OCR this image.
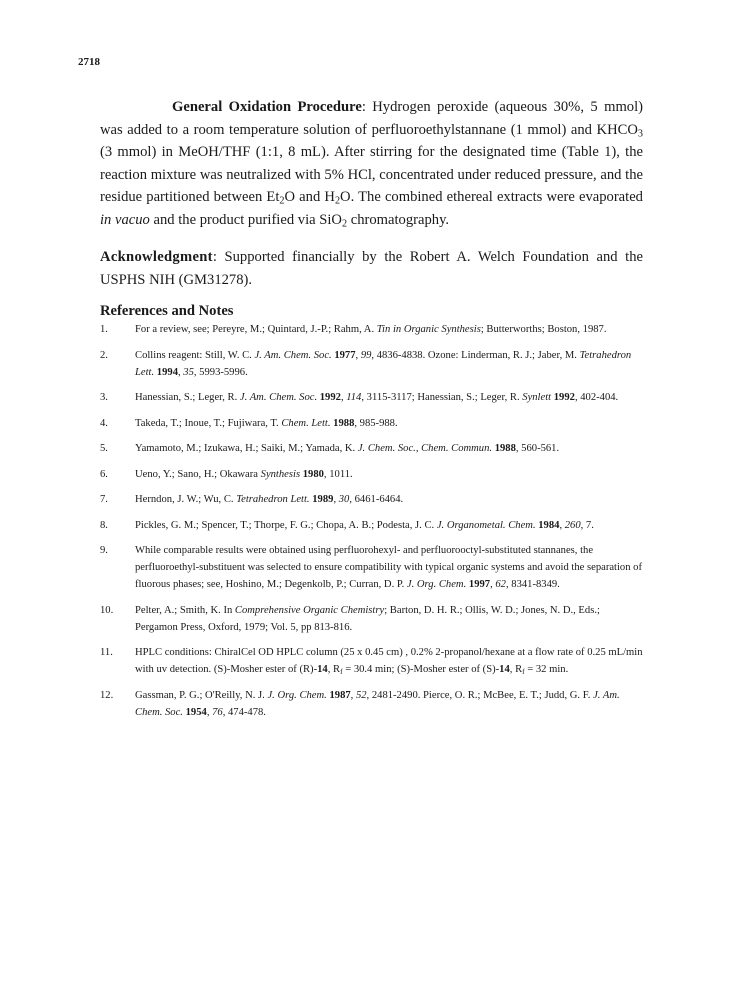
2718

General Oxidation Procedure: Hydrogen peroxide (aqueous 30%, 5 mmol) was added to a room temperature solution of perfluoroethylstannane (1 mmol) and $KHCO_3$ (3 mmol) in MeOH/THF (1:1, 8 mL). After stirring for the designated time (Table 1), the reaction mixture was neutralized with 5% HCl, concentrated under reduced pressure, and the residue partitioned between $Et_2O$ and $H_2O$. The combined ethereal extracts were evaporated in vacuo and the product purified via SiO$_2$ chromatography.

Acknowledgment: Supported financially by the Robert A. Welch Foundation and the USPHS NIH (GM31278).

References and Notes
1.	For a review, see; Pereyre, M.; Quintard, J.-P.; Rahm, A. Tin in Organic Synthesis; Butterworths; Boston, 1987.
2.	Collins reagent: Still, W. C. J. Am. Chem. Soc. 1977, 99, 4836-4838. Ozone: Linderman, R. J.; Jaber, M. Tetrahedron Lett. 1994, 35, 5993-5996.
3.	Hanessian, S.; Leger, R. J. Am. Chem. Soc. 1992, 114, 3115-3117; Hanessian, S.; Leger, R. Synlett 1992, 402-404.
4.	Takeda, T.; Inoue, T.; Fujiwara, T. Chem. Lett. 1988, 985-988.
5.	Yamamoto, M.; Izukawa, H.; Saiki, M.; Yamada, K. J. Chem. Soc., Chem. Commun. 1988, 560-561.
6.	Ueno, Y.; Sano, H.; Okawara Synthesis 1980, 1011.
7.	Herndon, J. W.; Wu, C. Tetrahedron Lett. 1989, 30, 6461-6464.
8.	Pickles, G. M.; Spencer, T.; Thorpe, F. G.; Chopa, A. B.; Podesta, J. C. J. Organometal. Chem. 1984, 260, 7.
9.	While comparable results were obtained using perfluorohexyl- and perfluorooctyl-substituted stannanes, the perfluoroethyl-substituent was selected to ensure compatibility with typical organic systems and avoid the separation of fluorous phases; see, Hoshino, M.; Degenkolb, P.; Curran, D. P. J. Org. Chem. 1997, 62, 8341-8349.
10. Pelter, A.; Smith, K. In Comprehensive Organic Chemistry; Barton, D. H. R.; Ollis, W. D.; Jones, N. D., Eds.; Pergamon Press, Oxford, 1979; Vol. 5, pp 813-816.
11. HPLC conditions: ChiralCel OD HPLC column (25 x 0.45 cm) , 0.2% 2-propanol/hexane at a flow rate of 0.25 mL/min with uv detection. (S)-Mosher ester of (R)-14, $R_f = 30.4$ min; (S)-Mosher ester of (S)-14, $R_f = 32$ min.
12. Gassman, P. G.; O'Reilly, N. J. J. Org. Chem. 1987, 52, 2481-2490. Pierce, O. R.; McBee, E. T.; Judd, G. F. J. Am. Chem. Soc. 1954, 76, 474-478.
